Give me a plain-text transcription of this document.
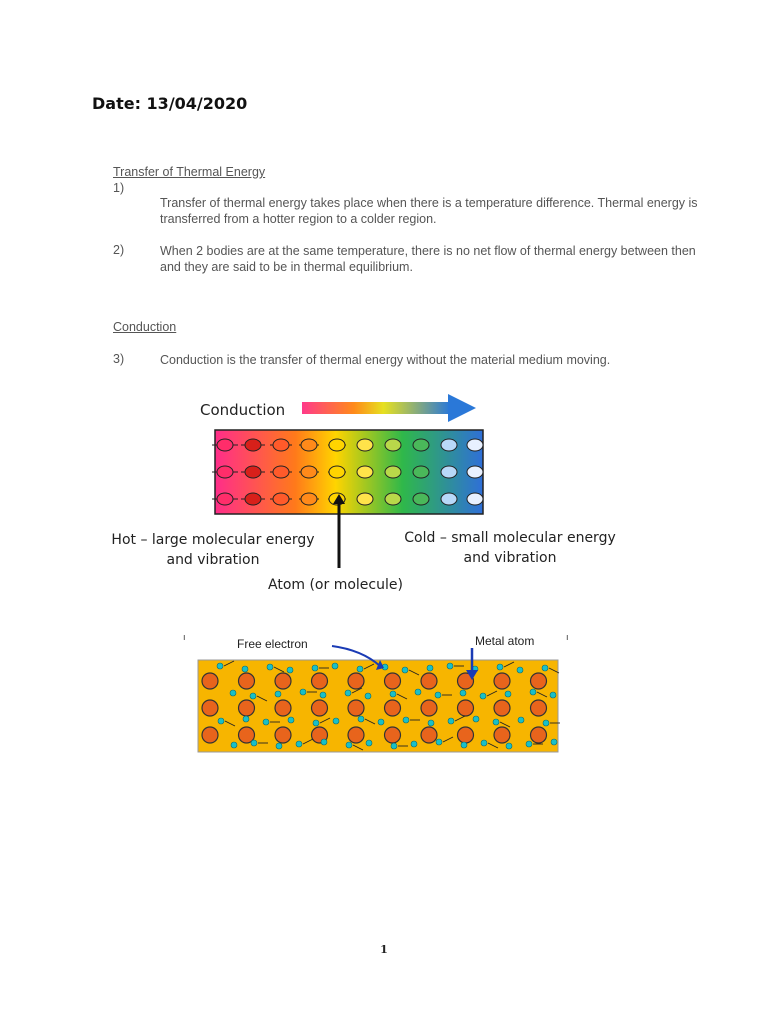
Date: 13/04/2020
Transfer of Thermal Energy
1)
Transfer of thermal energy takes place when there is a temperature difference. Thermal energy is transferred from a hotter region to a colder region.
2)	When 2 bodies are at the same temperature, there is no net flow of thermal energy between then and they are said to be in thermal equilibrium.
Conduction
3)	Conduction is the transfer of thermal energy without the material medium moving.
Conduction
Hot – large molecular energy and vibration
Cold – small molecular energy and vibration
Atom (or molecule)
ı	ı
Free electron	Metal atom
1
